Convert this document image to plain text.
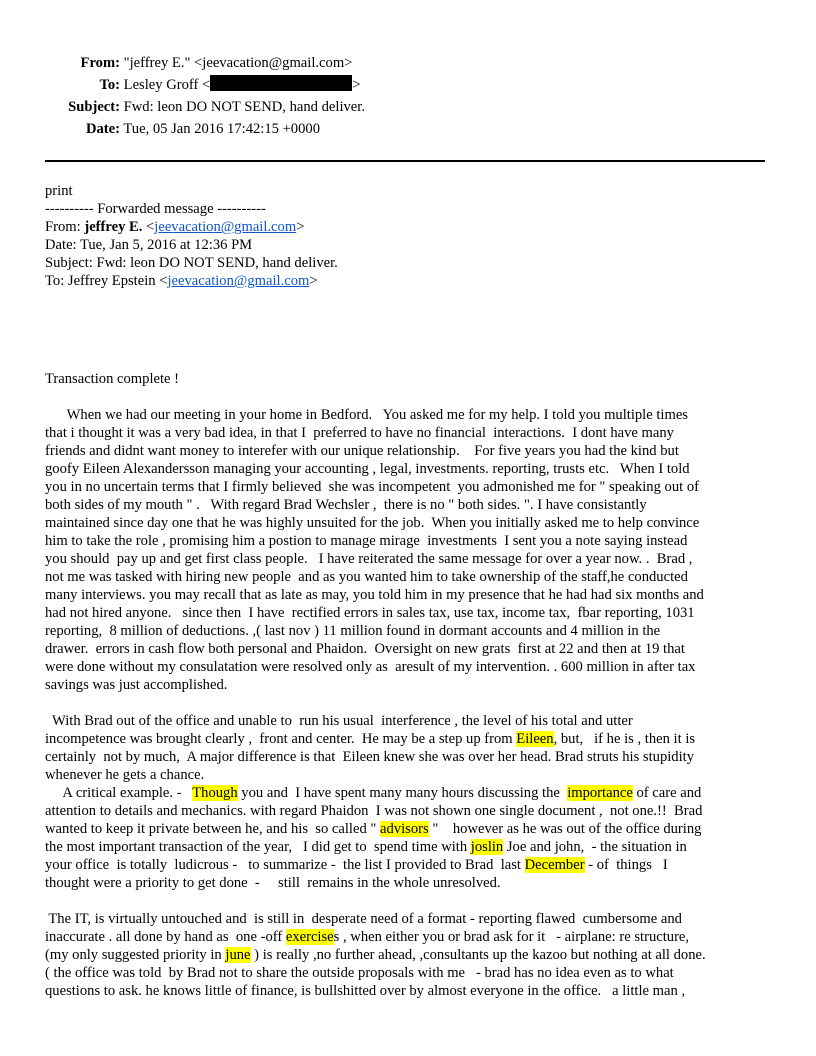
From: "jeffrey E." <jeevacation@gmail.com>
To: Lesley Groff <	>
Subject: Fwd: leon DO NOT SEND, hand deliver.
Date: Tue, 05 Jan 2016 17:42:15 +0000
print
---------- Forwarded message ----------
From: jeffrey E. <jeevacation@gmail.com>
Date: Tue, Jan 5, 2016 at 12:36 PM
Subject: Fwd: leon DO NOT SEND, hand deliver.
To: Jeffrey Epstein <jeevacation@gmail.com>
Transaction complete !
When we had our meeting in your home in Bedford.   You asked me for my help. I told you multiple times
that i thought it was a very bad idea, in that I  preferred to have no financial  interactions.  I dont have many
friends and didnt want money to interefer with our unique relationship.    For five years you had the kind but
goofy Eileen Alexandersson managing your accounting , legal, investments. reporting, trusts etc.   When I told
you in no uncertain terms that I firmly believed  she was incompetent  you admonished me for " speaking out of
both sides of my mouth " .   With regard Brad Wechsler ,  there is no " both sides. ". I have consistantly
maintained since day one that he was highly unsuited for the job.  When you initially asked me to help convince
him to take the role , promising him a postion to manage mirage  investments  I sent you a note saying instead
you should  pay up and get first class people.   I have reiterated the same message for over a year now. .  Brad ,
not me was tasked with hiring new people  and as you wanted him to take ownership of the staff,he conducted
many interviews. you may recall that as late as may, you told him in my presence that he had had six months and
had not hired anyone.   since then  I have  rectified errors in sales tax, use tax, income tax,  fbar reporting, 1031
reporting,  8 million of deductions. ,( last nov ) 11 million found in dormant accounts and 4 million in the
drawer.  errors in cash flow both personal and Phaidon.  Oversight on new grats  first at 22 and then at 19 that
were done without my consulatation were resolved only as  aresult of my intervention. . 600 million in after tax
savings was just accomplished.
With Brad out of the office and unable to  run his usual  interference , the level of his total and utter
incompetence was brought clearly ,  front and center.  He may be a step up from Eileen, but,   if he is , then it is
certainly  not by much,  A major difference is that  Eileen knew she was over her head. Brad struts his stupidity
whenever he gets a chance.
A critical example. -   Though you and  I have spent many many hours discussing the  importance of care and
attention to details and mechanics. with regard Phaidon  I was not shown one single document ,  not one.!!  Brad
wanted to keep it private between he, and his  so called " advisors "    however as he was out of the office during
the most important transaction of the year,   I did get to  spend time with joslin Joe and john,  - the situation in
your office  is totally  ludicrous -   to summarize -  the list I provided to Brad  last December - of  things   I
thought were a priority to get done  -     still  remains in the whole unresolved.
The IT, is virtually untouched and  is still in  desperate need of a format - reporting flawed  cumbersome and
inaccurate . all done by hand as  one -off exercises , when either you or brad ask for it   - airplane: re structure,
(my only suggested priority in june ) is really ,no further ahead, ,consultants up the kazoo but nothing at all done.
( the office was told  by Brad not to share the outside proposals with me   - brad has no idea even as to what
questions to ask. he knows little of finance, is bullshitted over by almost everyone in the office.   a little man ,
